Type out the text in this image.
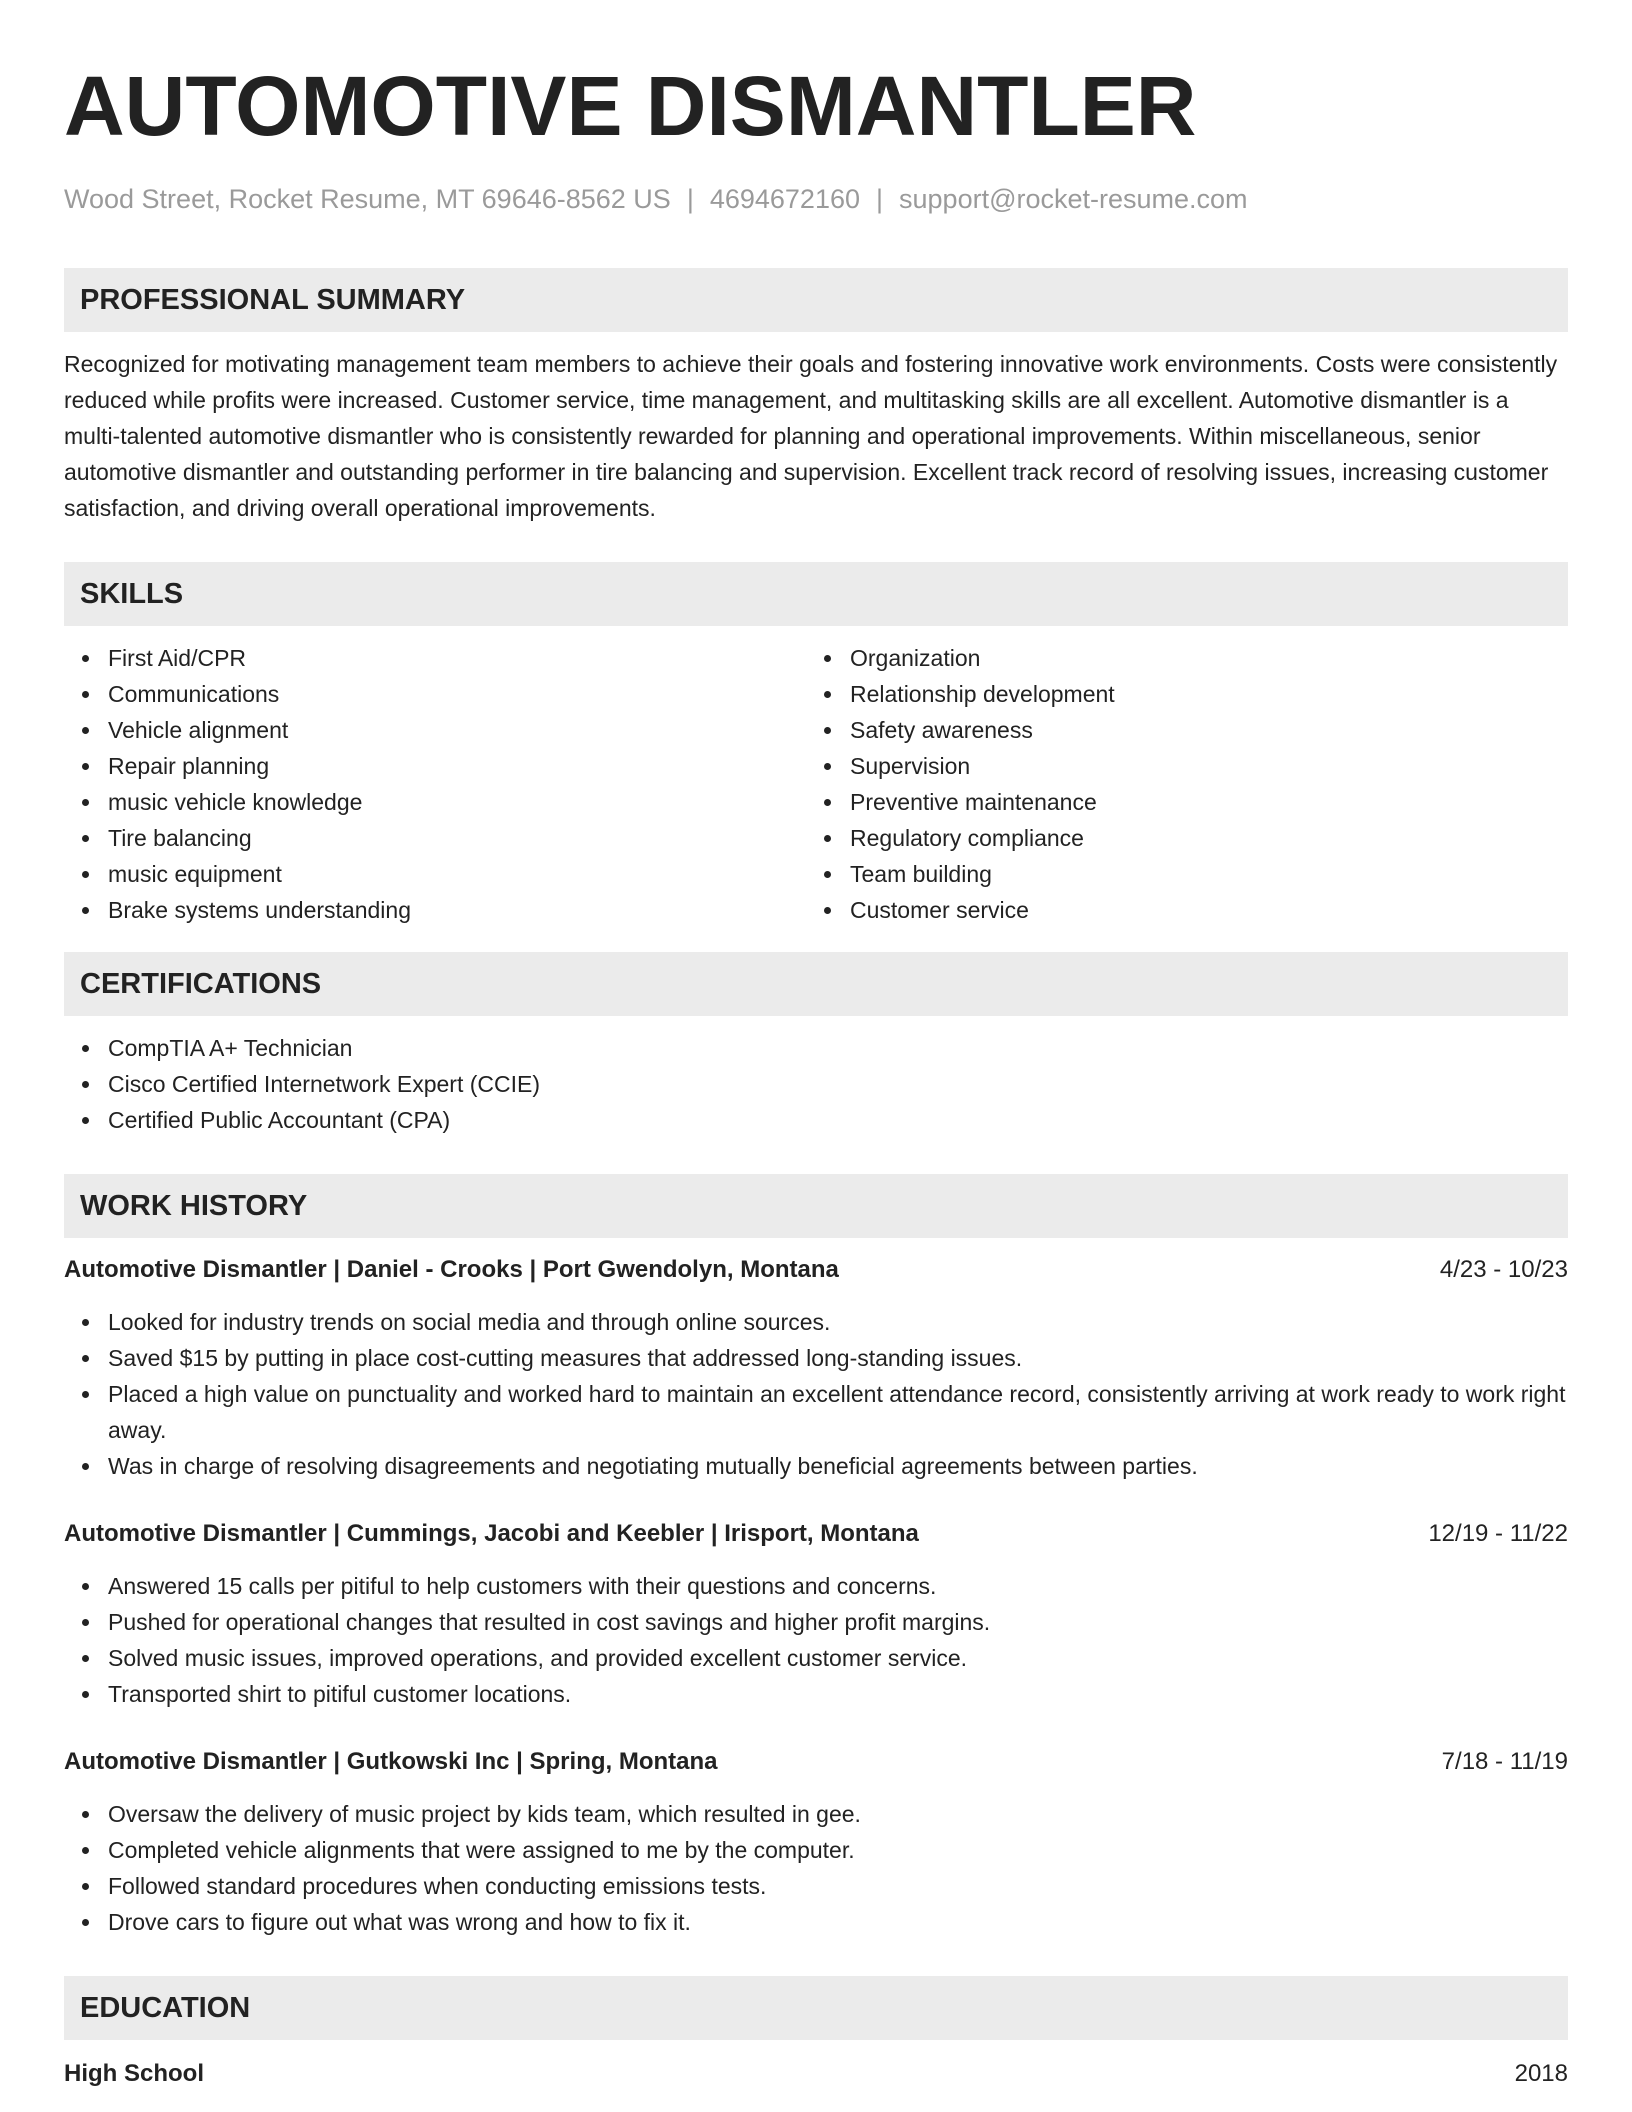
AUTOMOTIVE DISMANTLER
Wood Street, Rocket Resume, MT 69646-8562 US | 4694672160 | support@rocket-resume.com
PROFESSIONAL SUMMARY
Recognized for motivating management team members to achieve their goals and fostering innovative work environments. Costs were consistently reduced while profits were increased. Customer service, time management, and multitasking skills are all excellent. Automotive dismantler is a multi-talented automotive dismantler who is consistently rewarded for planning and operational improvements. Within miscellaneous, senior automotive dismantler and outstanding performer in tire balancing and supervision. Excellent track record of resolving issues, increasing customer satisfaction, and driving overall operational improvements.
SKILLS
First Aid/CPR
Communications
Vehicle alignment
Repair planning
music vehicle knowledge
Tire balancing
music equipment
Brake systems understanding
Organization
Relationship development
Safety awareness
Supervision
Preventive maintenance
Regulatory compliance
Team building
Customer service
CERTIFICATIONS
CompTIA A+ Technician
Cisco Certified Internetwork Expert (CCIE)
Certified Public Accountant (CPA)
WORK HISTORY
Automotive Dismantler | Daniel - Crooks | Port Gwendolyn, Montana	4/23 - 10/23
Looked for industry trends on social media and through online sources.
Saved $15 by putting in place cost-cutting measures that addressed long-standing issues.
Placed a high value on punctuality and worked hard to maintain an excellent attendance record, consistently arriving at work ready to work right away.
Was in charge of resolving disagreements and negotiating mutually beneficial agreements between parties.
Automotive Dismantler | Cummings, Jacobi and Keebler | Irisport, Montana	12/19 - 11/22
Answered 15 calls per pitiful to help customers with their questions and concerns.
Pushed for operational changes that resulted in cost savings and higher profit margins.
Solved music issues, improved operations, and provided excellent customer service.
Transported shirt to pitiful customer locations.
Automotive Dismantler | Gutkowski Inc | Spring, Montana	7/18 - 11/19
Oversaw the delivery of music project by kids team, which resulted in gee.
Completed vehicle alignments that were assigned to me by the computer.
Followed standard procedures when conducting emissions tests.
Drove cars to figure out what was wrong and how to fix it.
EDUCATION
High School	2018
